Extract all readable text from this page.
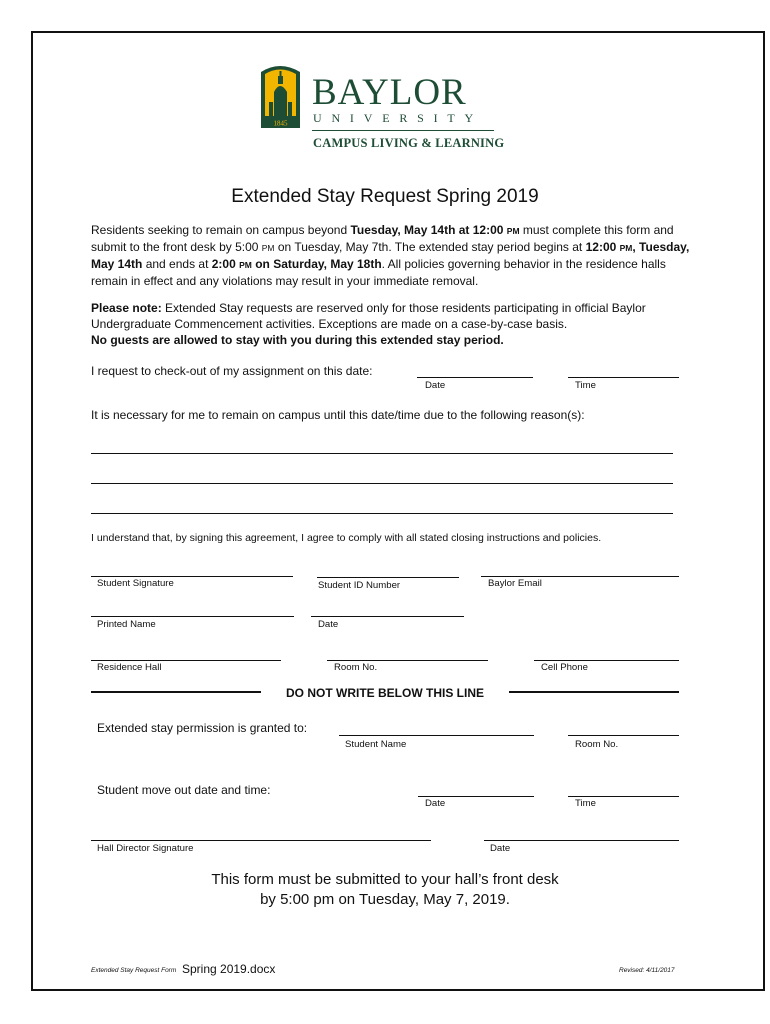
1845
BAYLOR
UNIVERSITY
CAMPUS LIVING & LEARNING
Extended Stay Request Spring 2019
Residents seeking to remain on campus beyond Tuesday, May 14th at 12:00 PM must complete this form and submit to the front desk by 5:00 PM on Tuesday, May 7th. The extended stay period begins at 12:00 PM, Tuesday, May 14th and ends at 2:00 PM on Saturday, May 18th. All policies governing behavior in the residence halls remain in effect and any violations may result in your immediate removal.
Please note: Extended Stay requests are reserved only for those residents participating in official Baylor Undergraduate Commencement activities. Exceptions are made on a case-by-case basis.
No guests are allowed to stay with you during this extended stay period.
I request to check-out of my assignment on this date:
Date	Time
It is necessary for me to remain on campus until this date/time due to the following reason(s):
I understand that, by signing this agreement, I agree to comply with all stated closing instructions and policies.
Student Signature	Student ID Number	Baylor Email
Printed Name	Date
Residence Hall	Room No.	Cell Phone
DO NOT WRITE BELOW THIS LINE
Extended stay permission is granted to:
Student Name	Room No.
Student move out date and time:
Date	Time
Hall Director Signature	Date
This form must be submitted to your hall’s front desk
by 5:00 pm on Tuesday, May 7, 2019.
Extended Stay Request Form Spring 2019.docx	Revised: 4/11/2017
